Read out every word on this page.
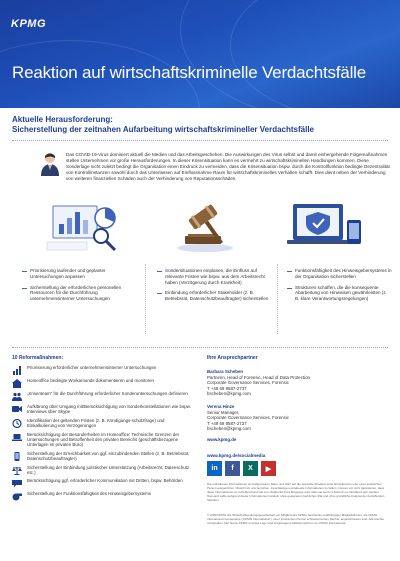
KPMG
Reaktion auf wirtschaftskriminelle Verdachtsfälle
Aktuelle Herausforderung:
Sicherstellung der zeitnahen Aufarbeitung wirtschaftskrimineller Verdachtsfälle
Das COVID-19-Virus dominiert aktuell die Medien und das Arbeitsgeschehen. Die Auswirkungen des Virus selbst und damit einhergehende Folgemaßnahmen stellen Unternehmen vor große Herausforderungen. In dieser Krisensituation kann es vermehrt zu wirtschaftskriminellen Handlungen kommen. Diese Sonderlage nicht zuletzt bedingt die Organisation einen Eindruck zu vermeiden, dass die Krisensituation bspw. durch die Kontrollfunktion bedingte Dezentralität von Kontrollinstanzen sowohl durch das Unterlassen auf Einflussnahme Raum für wirtschaftskriminelles Verhalten schafft. Dies dient neben der Verhinderung von weiteren finanziellen Schäden auch der Verhinderung von Reputationsschäden.
Priorisierung laufender und geplanter Untersuchungen anpassen
Sicherstellung der erforderlichen personellen Ressourcen für die Durchführung unternehmensinterner Untersuchungen
Sondersituationen einplanen, die Einfluss auf relevante Fristen wie bspw. aus dem Arbeitsrecht haben (Verzögerung durch Krankheit)
Einbindung erforderlicher Stakeholder (z. B. Betriebsrat, Datenschutzbeauftragter) sicherstellen
Funktionsfähigkeit des Hinweisgebersystems in der Organisation sicherstellen
Strukturen schaffen, die die konsequente Abarbeitung von Hinweisen gewährleisten (z. B. klare Verantwortungsregelungen)
10 Reformaßnahmen:
Priorisierung erforderlicher unternehmensinterner Untersuchungen
Homeoffice bedingte Workarounds dokumentieren und monitoren
„Krisenteam“ für die Durchführung erforderlicher Sonderuntersuchungen definieren
Aufklärung über Umgang mit/Berücksichtigung von Sonderkonstellationen wie bspw. Interviews über Skype
Identifikation der geltenden Fristen (z. B. Kündigungs-schutzfrage) und Einkalkulierung von Verzögerungen
Berücksichtigung der Besonderheiten im Homeoffice: Technische Grenzen der Untersuchungen und Betroffenheit des privaten Bereichs (geschäftsbezogene Unterlagen im privaten Büro)
Sicherstellung der Erreichbarkeit von ggf. einzubindenden Stellen (z. B. Betriebsrat, Datenschutzbeauftragter)
Sicherstellung der Einbindung juristischer Unterstützung (Arbeitsrecht, Datenschutz etc.)
Berücksichtigung ggf. erforderlicher Kommunikation mit Dritten, bspw. Behörden
Sicherstellung der Funktionsfähigkeit des Hinweisgebersystems
Ihre Ansprechpartner
Barbara Scheben
Partnerin, Head of Forensic, Head of Data Protection
Corporate Governance Services, Forensic
T +49 69 9587-2737
bscheben@kpmg.com
Verena Hinze
Senior Manager,
Corporate Governance Services, Forensic
T +49 69 9587-2737
bscheben@kpmg.com
www.kpmg.de
www.kpmg.de/socialmedia
in	f	X	▶
Die enthaltenen Informationen sind allgemeiner Natur und nicht auf die spezielle Situation einer Einzelperson oder einer juristischen Person ausgerichtet. Obwohl wir uns bemühen, zuverlässige und aktuelle Informationen zu liefern, können wir nicht garantieren, dass diese Informationen so zutreffend sind wie zum Zeitpunkt ihres Eingangs oder dass sie auch in Zukunft so zutreffend sein werden. Niemand sollte aufgrund dieser Informationen handeln ohne geeigneten fachlichen Rat und ohne gründliche Analyse der betreffenden Situation.
© 2020 KPMG AG Wirtschaftsprüfungsgesellschaft, ein Mitglied des KPMG-Netzwerks unabhängiger Mitgliedsfirmen, die KPMG International Cooperative („KPMG International“), einer juristischen Person schweizerischen Rechts, angeschlossen sind. Alle Rechte vorbehalten. Der Name KPMG und das Logo sind eingetragene Markenzeichen von KPMG International.
